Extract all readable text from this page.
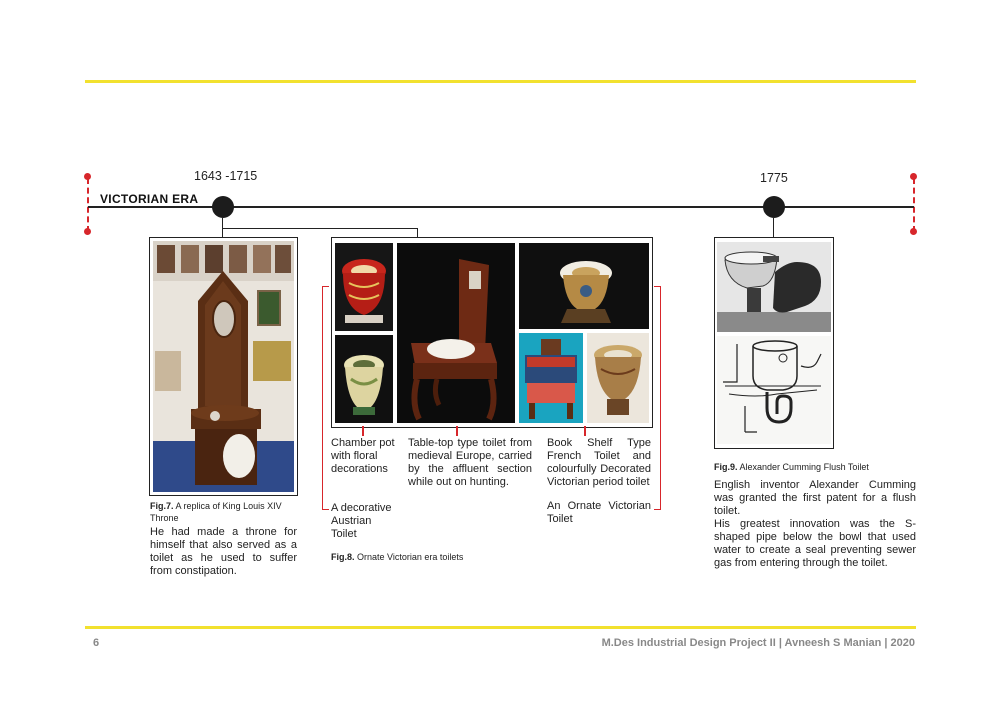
VICTORIAN ERA
1643 -1715	1775
Fig.7. A replica of King Louis XIV Throne
He had made a throne for himself that also served as a toilet as he used to suffer from constipation.
Chamber pot with floral decorations
Table-top type toilet from medieval Europe, carried by the affluent section while out on hunting.
Book Shelf Type French Toilet and colourfully Decorated Victorian period toilet
A decorative Austrian Toilet
An Ornate Victorian Toilet
Fig.8. Ornate Victorian era toilets
Fig.9. Alexander Cumming Flush Toilet
English inventor Alexander Cumming was granted the first patent for a flush toilet.
His greatest innovation was the S-shaped pipe below the bowl that used water to create a seal preventing sewer gas from entering through the toilet.
6	M.Des Industrial Design Project II | Avneesh S Manian | 2020
